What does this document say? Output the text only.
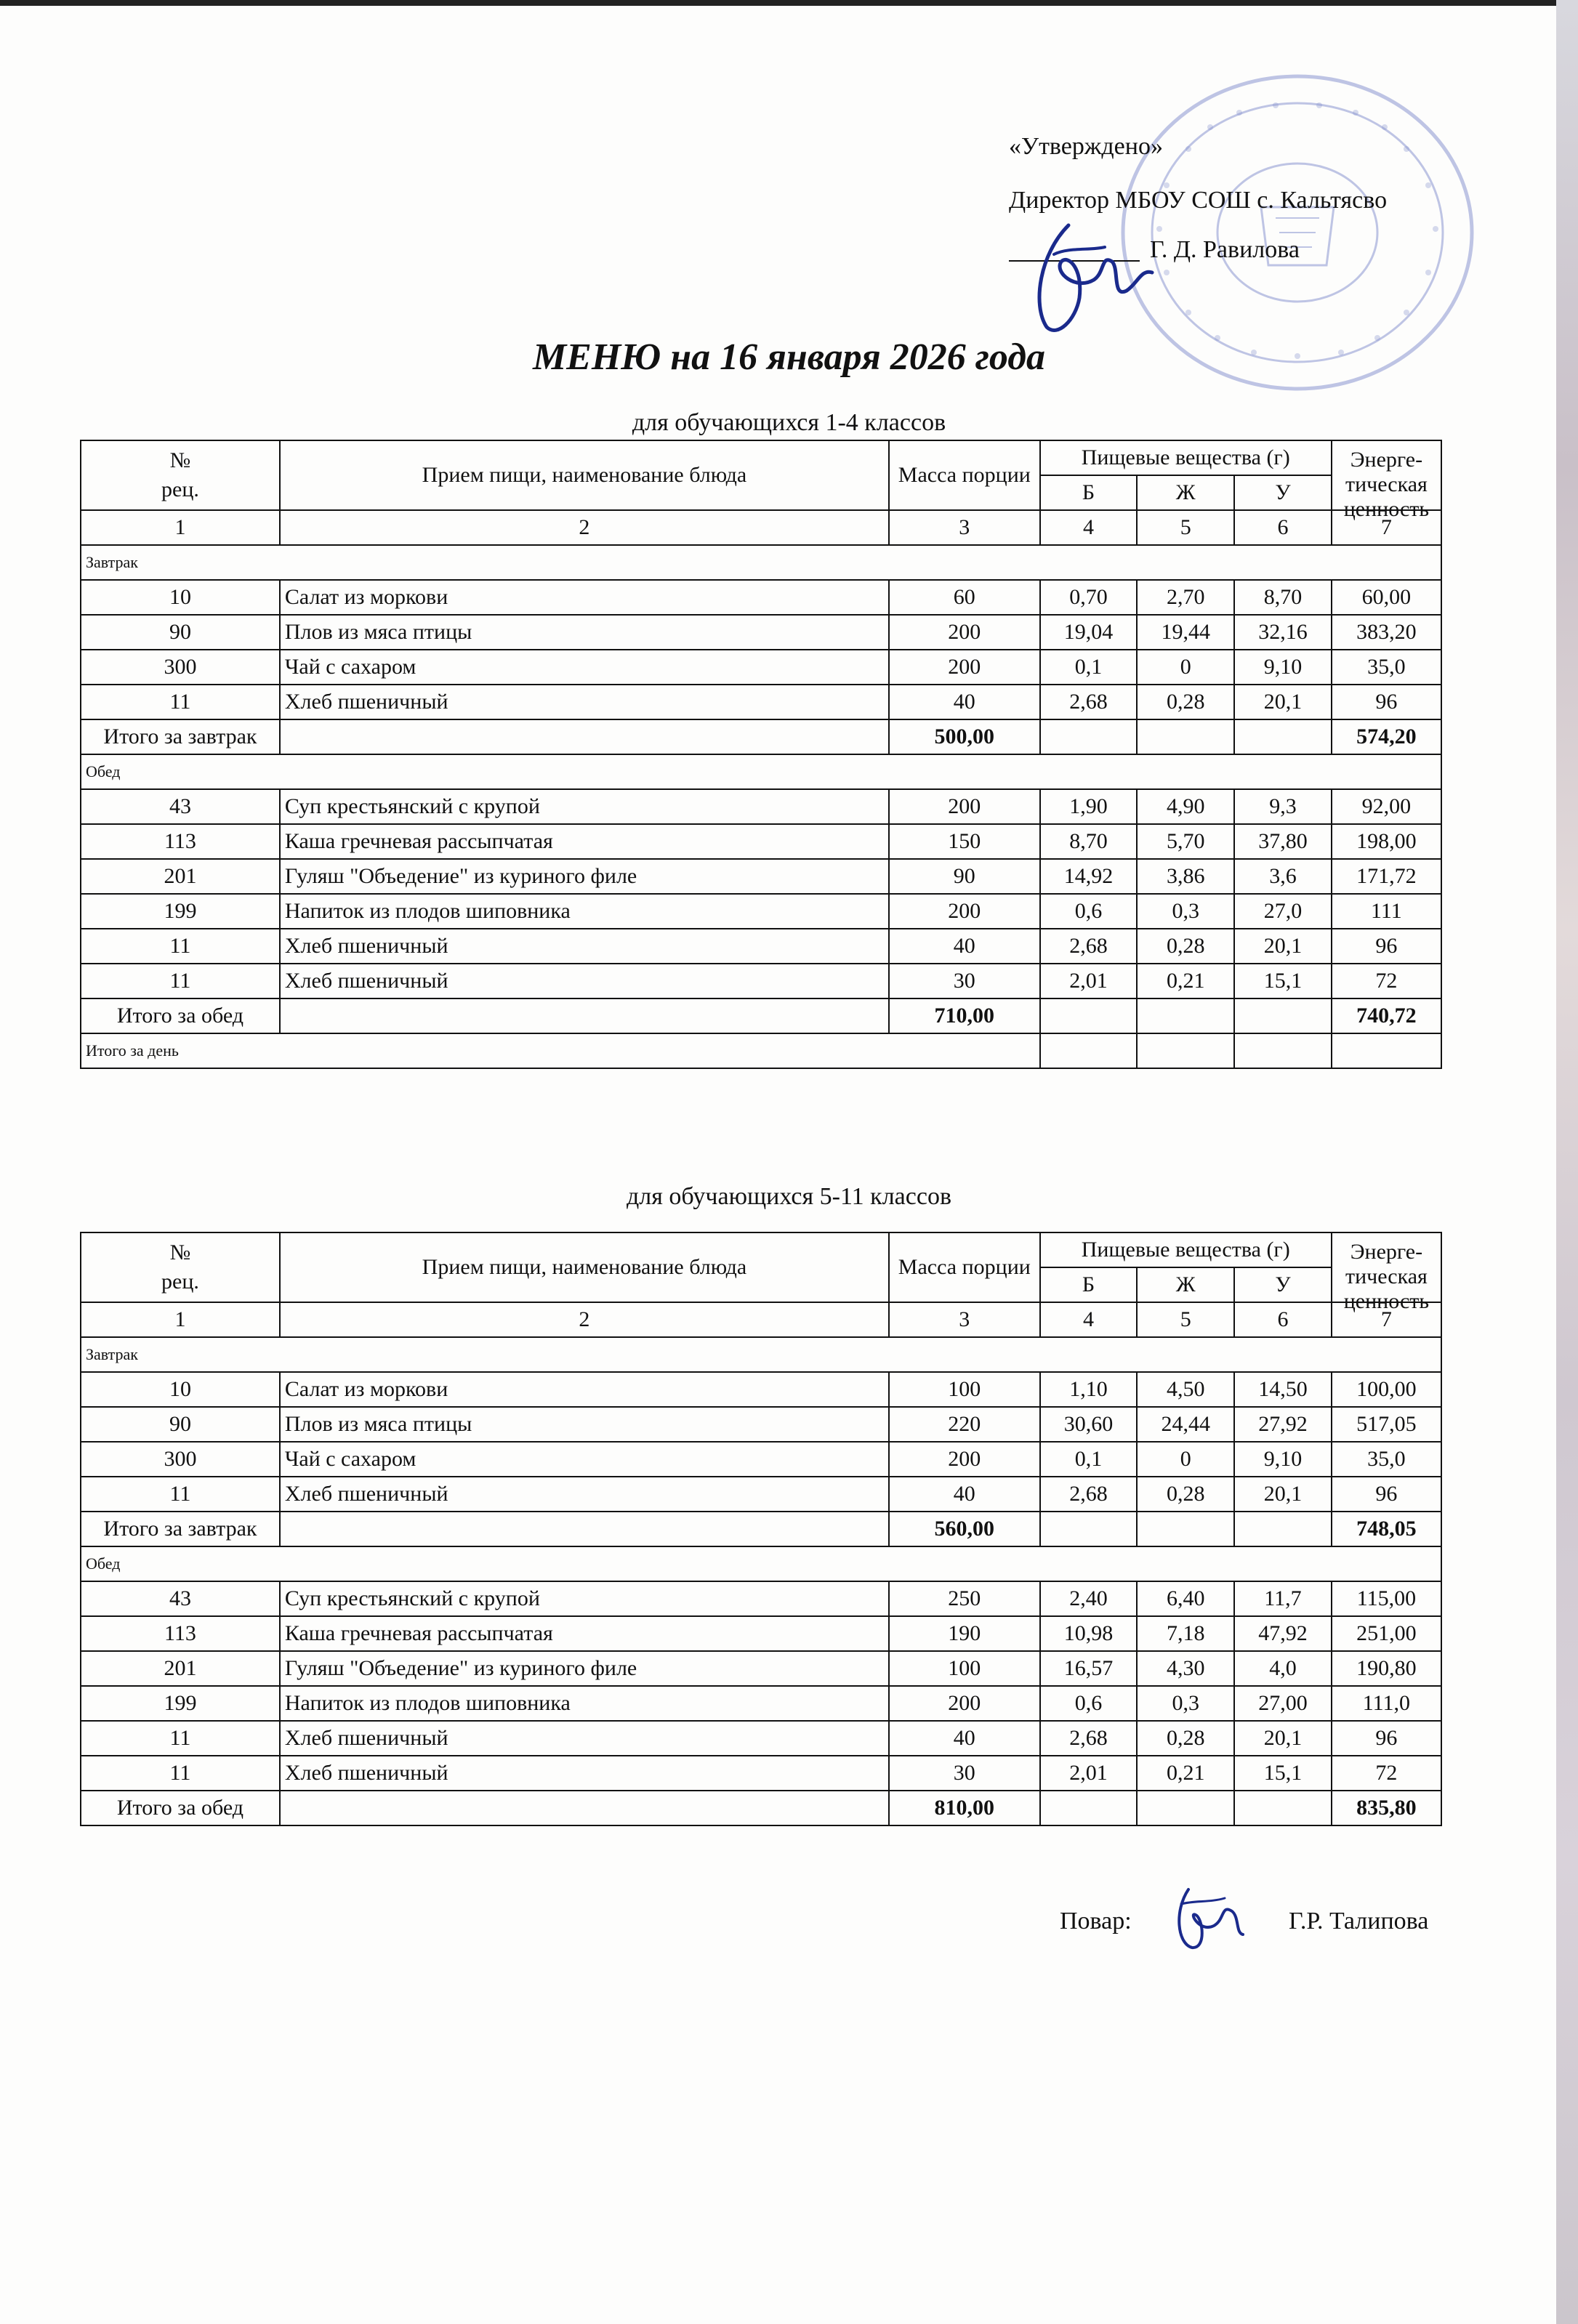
«Утверждено»
Директор МБОУ СОШ с. Кальтясво
Г. Д. Равилова
МЕНЮ на 16 января 2026 года
для обучающихся 1-4 классов
№
рец.	Прием пищи, наименование блюда	Масса порции	Пищевые вещества (г)			Энерге-
тическая
ценность

			Б	Ж	У	
1	2	3	4	5	6	7
Завтрак						
10	Салат из моркови	60	0,70	2,70	8,70	60,00
90	Плов из мяса птицы	200	19,04	19,44	32,16	383,20
300	Чай с сахаром	200	0,1	0	9,10	35,0
11	Хлеб пшеничный	40	2,68	0,28	20,1	96
Итого за завтрак		500,00				574,20
Обед						
43	Суп крестьянский с крупой	200	1,90	4,90	9,3	92,00
113	Каша гречневая рассыпчатая	150	8,70	5,70	37,80	198,00
201	Гуляш "Объедение" из куриного филе	90	14,92	3,86	3,6	171,72
199	Напиток из плодов шиповника	200	0,6	0,3	27,0	111
11	Хлеб пшеничный	40	2,68	0,28	20,1	96
11	Хлеб пшеничный	30	2,01	0,21	15,1	72
Итого за обед		710,00				740,72
Итого за день						
для обучающихся 5-11 классов
№
рец.	Прием пищи, наименование блюда	Масса порции	Пищевые вещества (г)			Энерге-
тическая
ценность

			Б	Ж	У	
1	2	3	4	5	6	7
Завтрак						
10	Салат из моркови	100	1,10	4,50	14,50	100,00
90	Плов из мяса птицы	220	30,60	24,44	27,92	517,05
300	Чай с сахаром	200	0,1	0	9,10	35,0
11	Хлеб пшеничный	40	2,68	0,28	20,1	96
Итого за завтрак		560,00				748,05
Обед						
43	Суп крестьянский с крупой	250	2,40	6,40	11,7	115,00
113	Каша гречневая рассыпчатая	190	10,98	7,18	47,92	251,00
201	Гуляш "Объедение" из куриного филе	100	16,57	4,30	4,0	190,80
199	Напиток из плодов шиповника	200	0,6	0,3	27,00	111,0
11	Хлеб пшеничный	40	2,68	0,28	20,1	96
11	Хлеб пшеничный	30	2,01	0,21	15,1	72
Итого за обед		810,00				835,80
Повар:	Г.Р. Талипова
